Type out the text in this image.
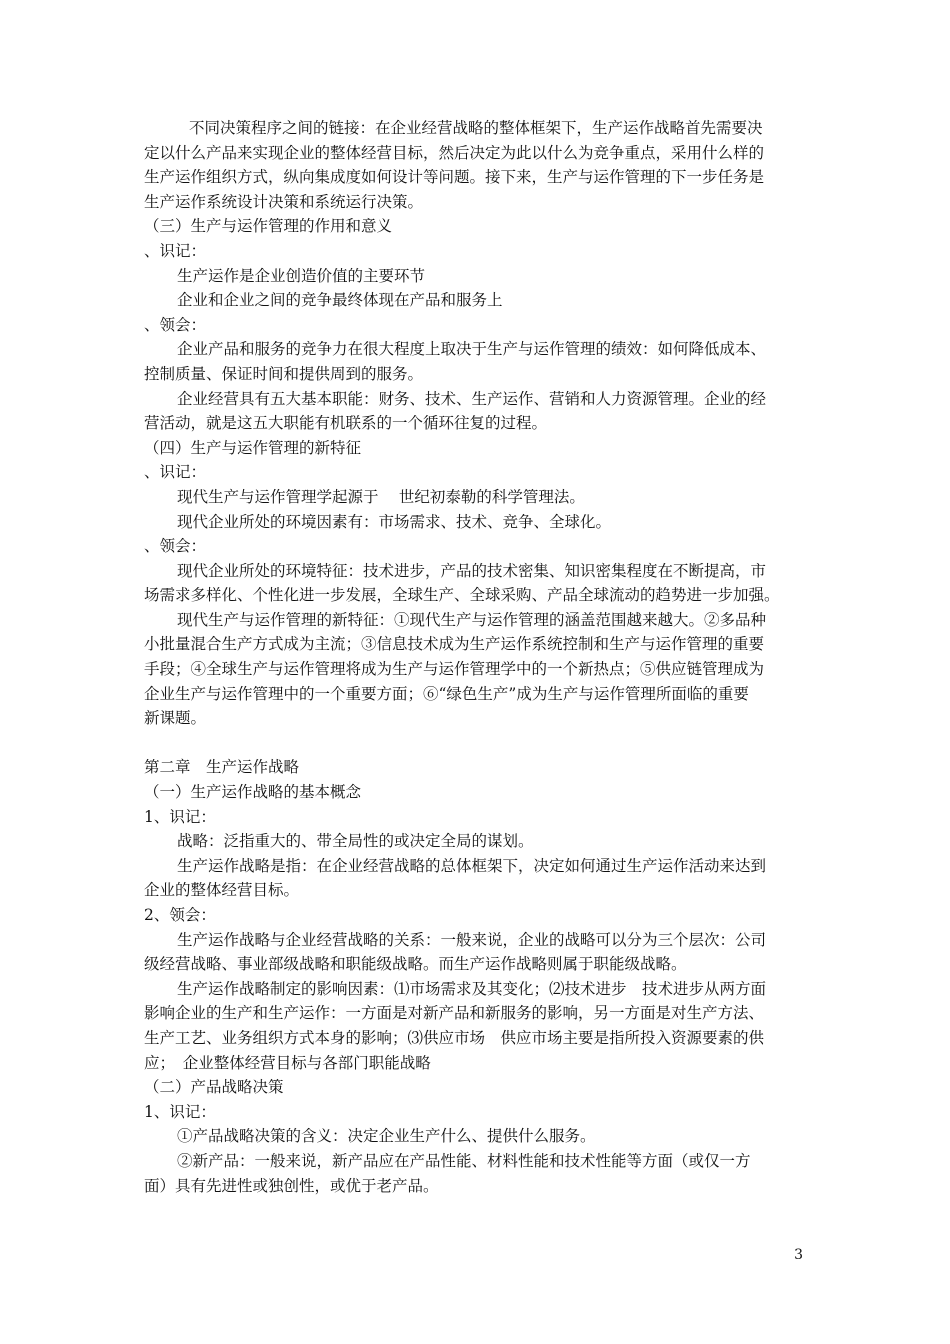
不同决策程序之间的链接：在企业经营战略的整体框架下，生产运作战略首先需要决
定以什么产品来实现企业的整体经营目标，然后决定为此以什么为竞争重点，采用什么样的
生产运作组织方式，纵向集成度如何设计等问题。接下来，生产与运作管理的下一步任务是
生产运作系统设计决策和系统运行决策。
（三）生产与运作管理的作用和意义
、识记：
生产运作是企业创造价值的主要环节
企业和企业之间的竞争最终体现在产品和服务上
、领会：
企业产品和服务的竞争力在很大程度上取决于生产与运作管理的绩效：如何降低成本、
控制质量、保证时间和提供周到的服务。
企业经营具有五大基本职能：财务、技术、生产运作、营销和人力资源管理。企业的经
营活动，就是这五大职能有机联系的一个循环往复的过程。
（四）生产与运作管理的新特征
、识记：
现代生产与运作管理学起源于 　世纪初泰勒的科学管理法。
现代企业所处的环境因素有：市场需求、技术、竞争、全球化。
、领会：
现代企业所处的环境特征：技术进步，产品的技术密集、知识密集程度在不断提高，市
场需求多样化、个性化进一步发展，全球生产、全球采购、产品全球流动的趋势进一步加强。
现代生产与运作管理的新特征：①现代生产与运作管理的涵盖范围越来越大。②多品种
小批量混合生产方式成为主流；③信息技术成为生产运作系统控制和生产与运作管理的重要
手段；④全球生产与运作管理将成为生产与运作管理学中的一个新热点；⑤供应链管理成为
企业生产与运作管理中的一个重要方面；⑥“绿色生产”成为生产与运作管理所面临的重要
新课题。
第二章　生产运作战略
（一）生产运作战略的基本概念
1、识记：
战略：泛指重大的、带全局性的或决定全局的谋划。
生产运作战略是指：在企业经营战略的总体框架下，决定如何通过生产运作活动来达到
企业的整体经营目标。
2、领会：
生产运作战略与企业经营战略的关系：一般来说，企业的战略可以分为三个层次：公司
级经营战略、事业部级战略和职能级战略。而生产运作战略则属于职能级战略。
生产运作战略制定的影响因素：⑴市场需求及其变化；⑵技术进步　技术进步从两方面
影响企业的生产和生产运作：一方面是对新产品和新服务的影响，另一方面是对生产方法、
生产工艺、业务组织方式本身的影响；⑶供应市场　供应市场主要是指所投入资源要素的供
应；　企业整体经营目标与各部门职能战略
（二）产品战略决策
1、识记：
①产品战略决策的含义：决定企业生产什么、提供什么服务。
②新产品：一般来说，新产品应在产品性能、材料性能和技术性能等方面（或仅一方
面）具有先进性或独创性，或优于老产品。
3
